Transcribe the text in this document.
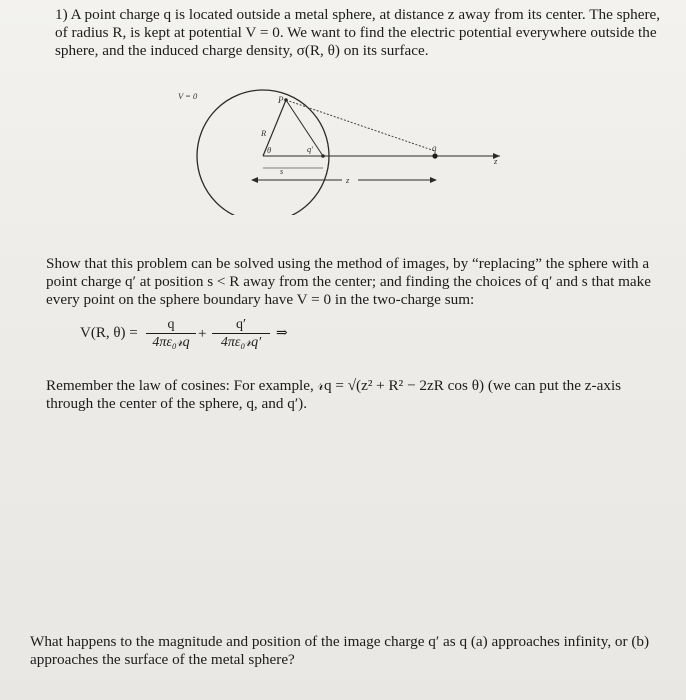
1) A point charge q is located outside a metal sphere, at distance z away from its center. The sphere, of radius R, is kept at potential V = 0. We want to find the electric potential everywhere outside the sphere, and the induced charge density, σ(R, θ) on its surface.
V = 0	P
R
θ	q′
s
q
z
z
Show that this problem can be solved using the method of images, by “replacing” the sphere with a point charge q′ at position s < R away from the center; and finding the choices of q′ and s that make every point on the sphere boundary have V = 0 in the two-charge sum:
V(R, θ) =
q
4πε₀𝓇q
+
q′
4πε₀𝓇q′
⇒
Remember the law of cosines: For example, 𝓇q = √(z² + R² − 2zR cos θ) (we can put the z-axis through the center of the sphere, q, and q′).
What happens to the magnitude and position of the image charge q′ as q (a) approaches infinity, or (b) approaches the surface of the metal sphere?
